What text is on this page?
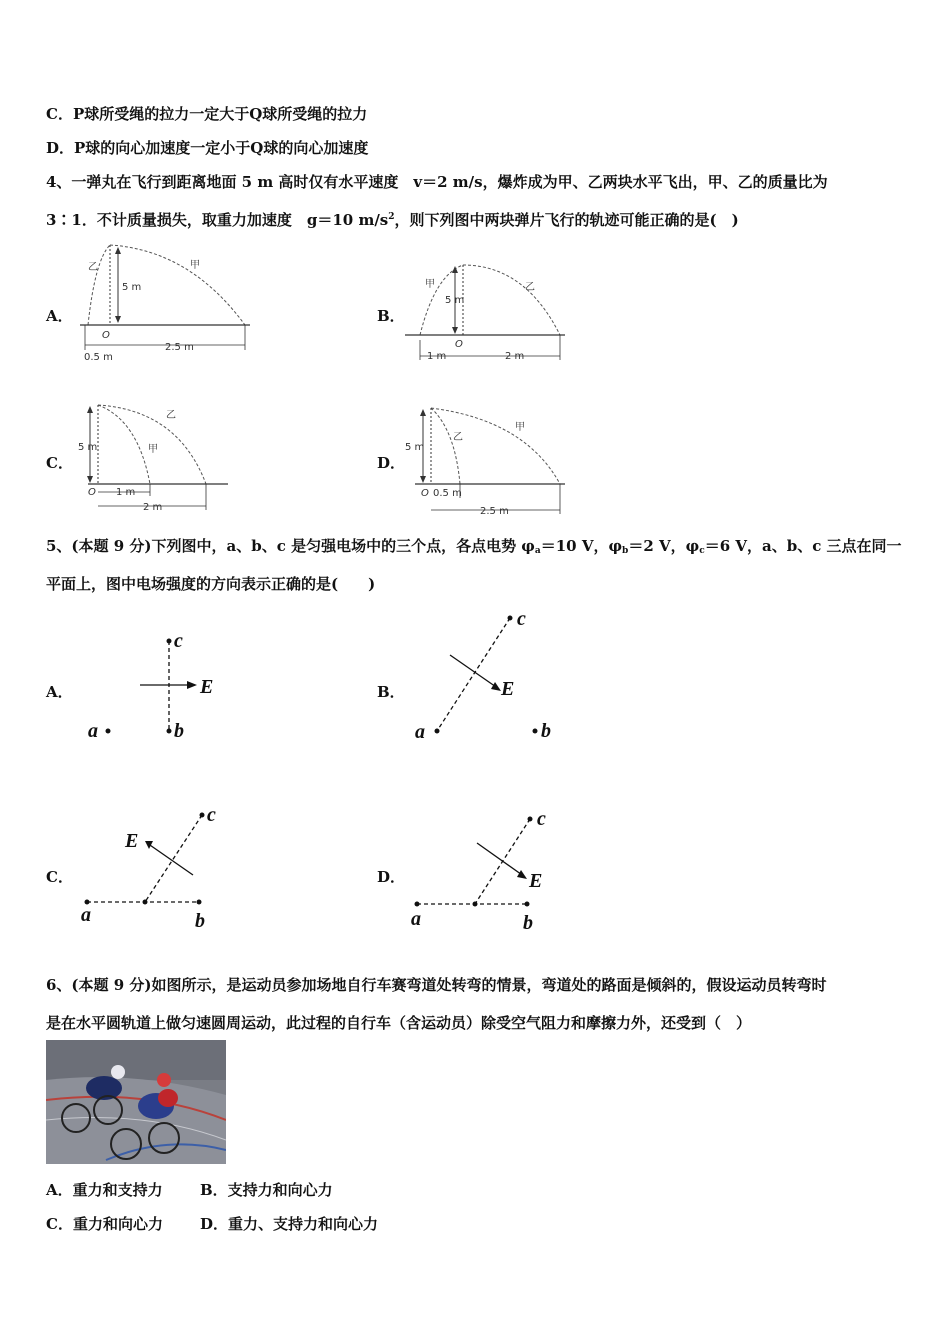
C．P球所受绳的拉力一定大于Q球所受绳的拉力
D．P球的向心加速度一定小于Q球的向心加速度
4、一弹丸在飞行到距离地面 5 m 高时仅有水平速度　v＝2 m/s，爆炸成为甲、乙两块水平飞出，甲、乙的质量比为
3∶1．不计质量损失，取重力加速度　g＝10 $m/s^2$，则下列图中两块弹片飞行的轨迹可能正确的是(　)
A．
乙	甲
5 m
O
0.5 m
2.5 m
B．
甲	乙
5 m
O
1 m	2 m
C．
5 m
乙
甲
O 1 m
2 m
D．
5 m
乙
甲
O 0.5 m
2.5 m
5、(本题 9 分)下列图中，a、b、c 是匀强电场中的三个点，各点电势 $\varphi_a=10$ V，$\varphi_b=2$ V，$\varphi_c=6$ V，a、b、c 三点在同一
平面上，图中电场强度的方向表示正确的是(　　)
A．
c
E
b
a
B．
c
E
b
a
C．
c
E
a	b
D．
c
E
a	b
6、(本题 9 分)如图所示，是运动员参加场地自行车赛弯道处转弯的情景，弯道处的路面是倾斜的，假设运动员转弯时
是在水平圆轨道上做匀速圆周运动，此过程的自行车（含运动员）除受空气阻力和摩擦力外，还受到（　）
A．重力和支持力 B．支持力和向心力
C．重力和向心力 D．重力、支持力和向心力
